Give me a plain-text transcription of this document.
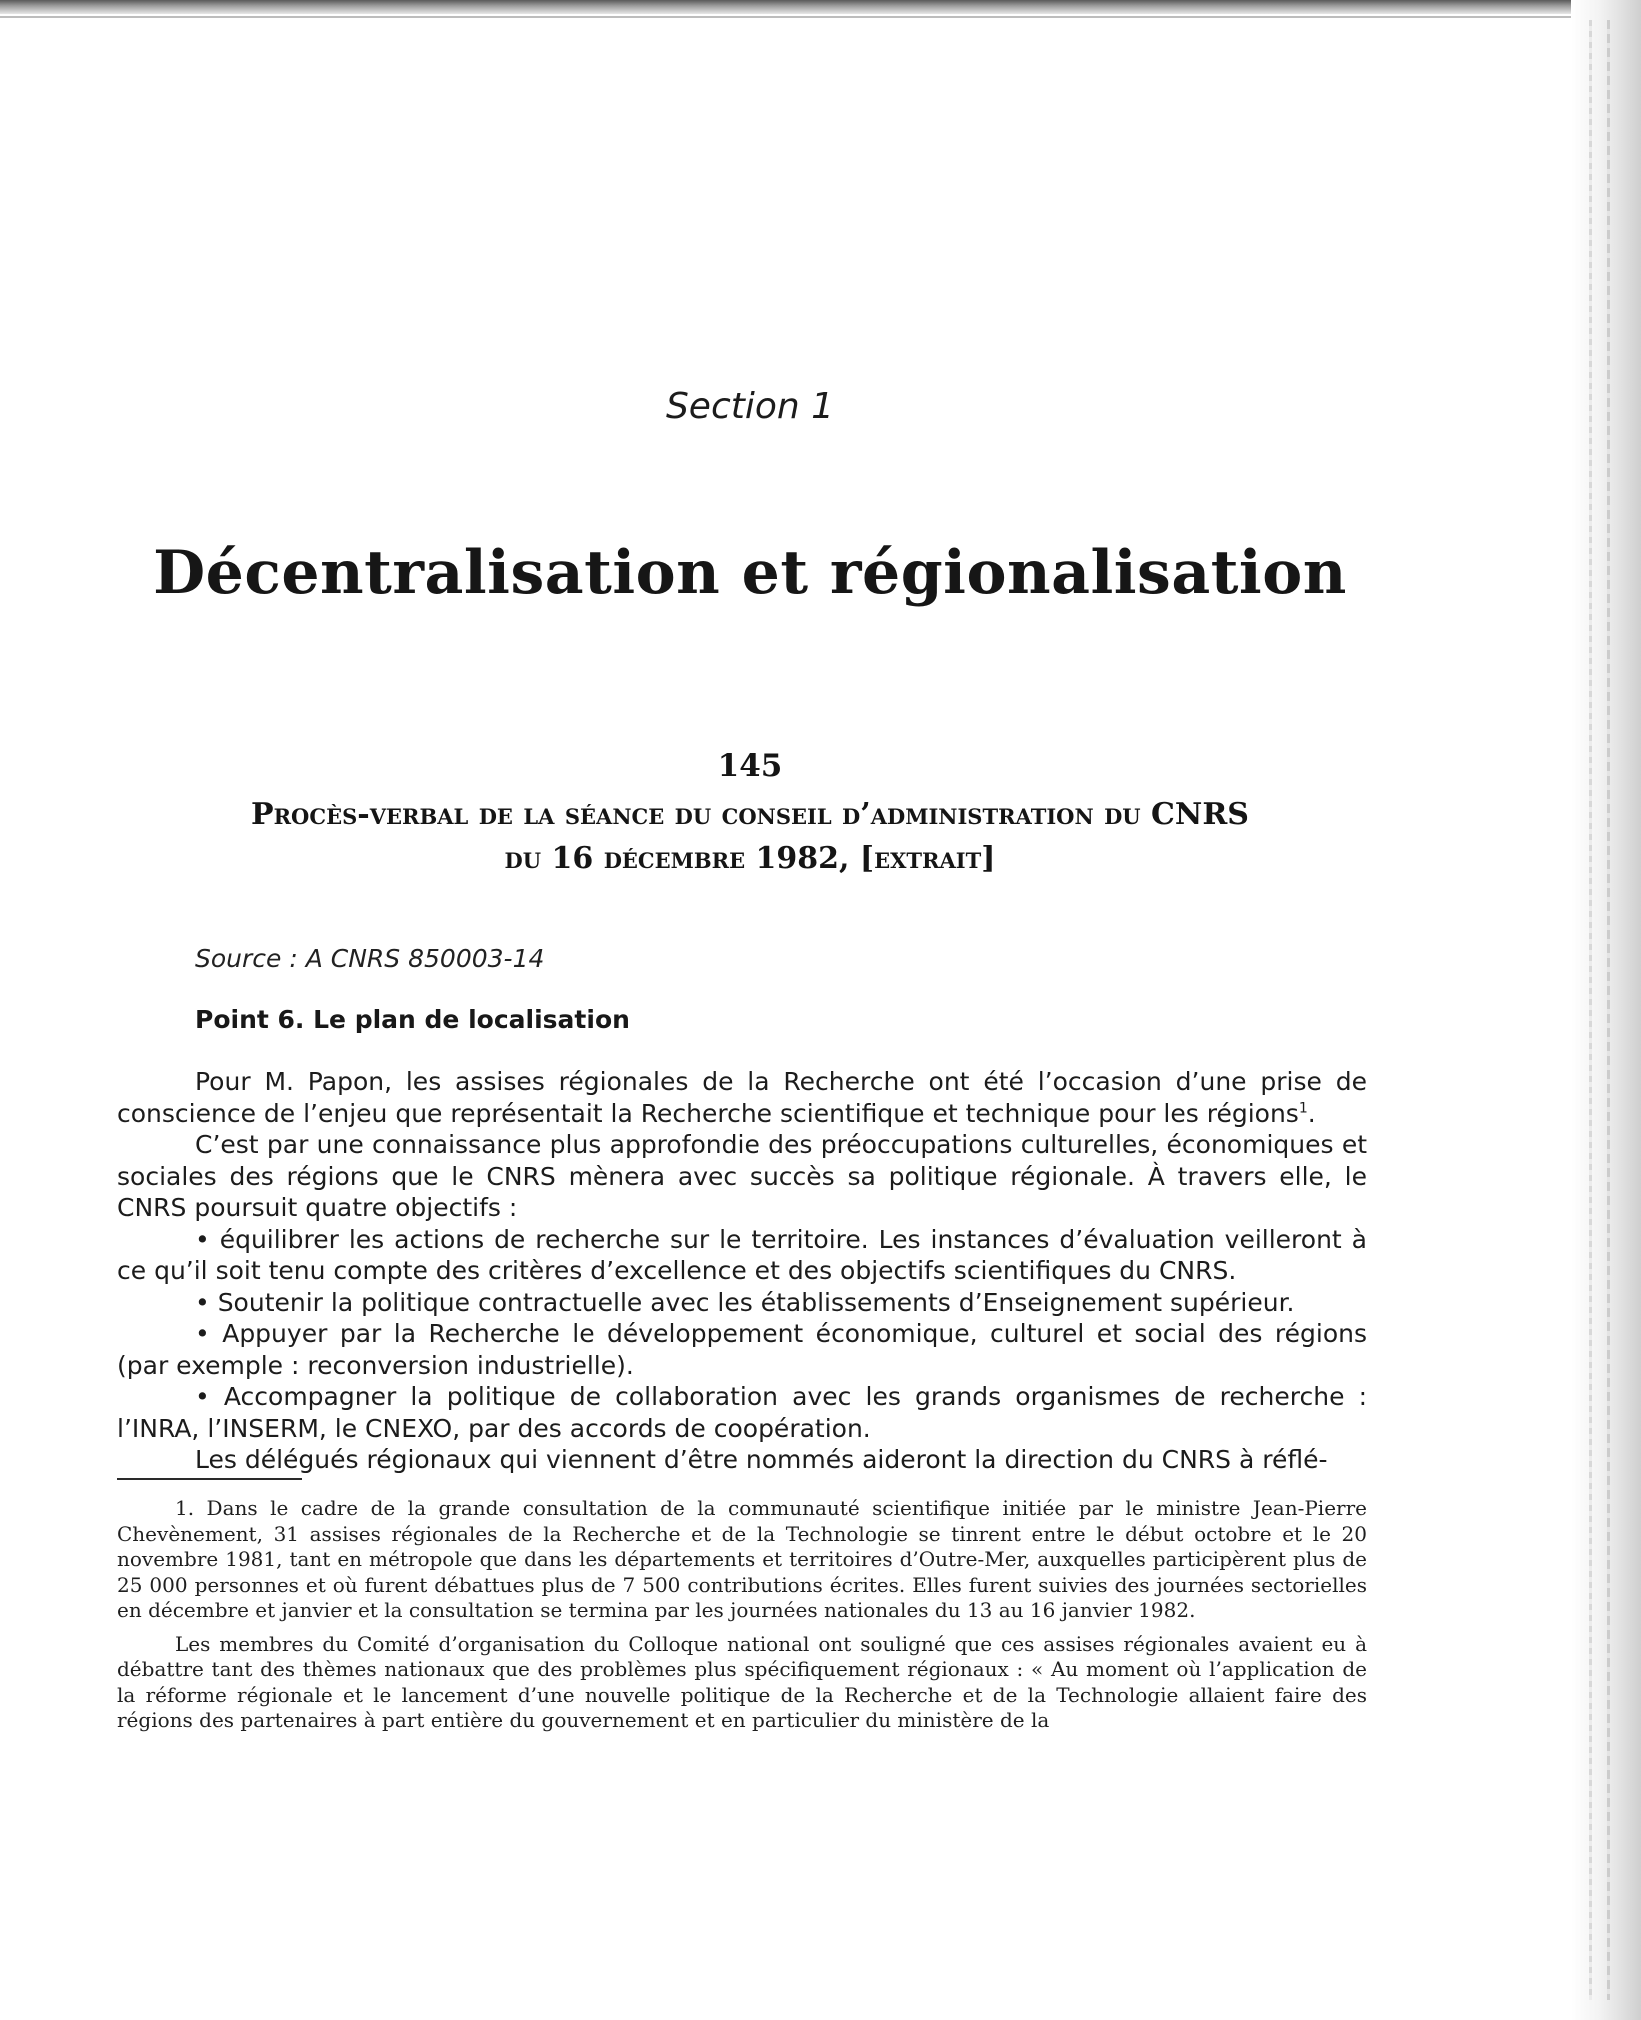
Section 1
Décentralisation et régionalisation
145
Procès-verbal de la séance du conseil d’administration du CNRS
du 16 décembre 1982, [extrait]
Source : A CNRS 850003-14
Point 6. Le plan de localisation

Pour M. Papon, les assises régionales de la Recherche ont été l’occasion d’une prise de conscience de l’enjeu que représentait la Recherche scientifique et technique pour les régions$^1$.

C’est par une connaissance plus approfondie des préoccupations culturelles, économiques et sociales des régions que le CNRS mènera avec succès sa politique régionale. À travers elle, le CNRS poursuit quatre objectifs :

• équilibrer les actions de recherche sur le territoire. Les instances d’évaluation veilleront à ce qu’il soit tenu compte des critères d’excellence et des objectifs scientifiques du CNRS.

• Soutenir la politique contractuelle avec les établissements d’Enseignement supérieur.

• Appuyer par la Recherche le développement économique, culturel et social des régions (par exemple : reconversion industrielle).

• Accompagner la politique de collaboration avec les grands organismes de recherche : l’INRA, l’INSERM, le CNEXO, par des accords de coopération.

Les délégués régionaux qui viennent d’être nommés aideront la direction du CNRS à réflé-

1. Dans le cadre de la grande consultation de la communauté scientifique initiée par le ministre Jean-Pierre Chevènement, 31 assises régionales de la Recherche et de la Technologie se tinrent entre le début octobre et le 20 novembre 1981, tant en métropole que dans les départements et territoires d’Outre-Mer, auxquelles participèrent plus de 25 000 personnes et où furent débattues plus de 7 500 contributions écrites. Elles furent suivies des journées sectorielles en décembre et janvier et la consultation se termina par les journées nationales du 13 au 16 janvier 1982.

Les membres du Comité d’organisation du Colloque national ont souligné que ces assises régionales avaient eu à débattre tant des thèmes nationaux que des problèmes plus spécifiquement régionaux : « Au moment où l’application de la réforme régionale et le lancement d’une nouvelle politique de la Recherche et de la Technologie allaient faire des régions des partenaires à part entière du gouvernement et en particulier du ministère de la
